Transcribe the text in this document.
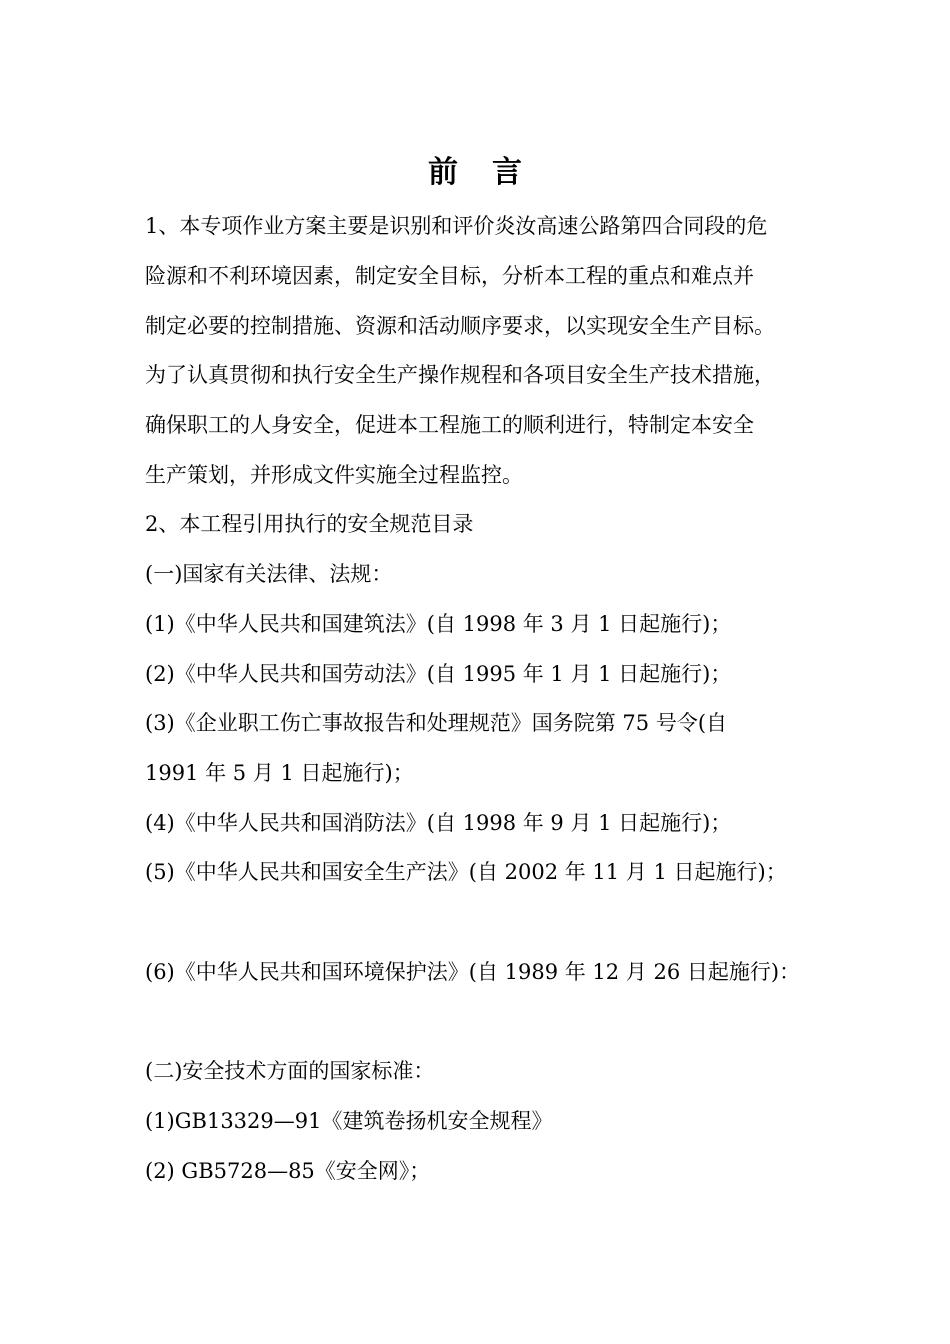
前言
1、本专项作业方案主要是识别和评价炎汝高速公路第四合同段的危
险源和不利环境因素，制定安全目标，分析本工程的重点和难点并
制定必要的控制措施、资源和活动顺序要求，以实现安全生产目标。
为了认真贯彻和执行安全生产操作规程和各项目安全生产技术措施，
确保职工的人身安全，促进本工程施工的顺利进行，特制定本安全
生产策划，并形成文件实施全过程监控。
2、本工程引用执行的安全规范目录
(一)国家有关法律、法规：
(1)《中华人民共和国建筑法》(自 1998 年 3 月 1 日起施行)；
(2)《中华人民共和国劳动法》(自 1995 年 1 月 1 日起施行)；
(3)《企业职工伤亡事故报告和处理规范》国务院第 75 号令(自
1991 年 5 月 1 日起施行)；
(4)《中华人民共和国消防法》(自 1998 年 9 月 1 日起施行)；
(5)《中华人民共和国安全生产法》(自 2002 年 11 月 1 日起施行)；
(6)《中华人民共和国环境保护法》(自 1989 年 12 月 26 日起施行)：
(二)安全技术方面的国家标准：
(1)GB13329—91《建筑卷扬机安全规程》
(2) GB5728—85《安全网》；
